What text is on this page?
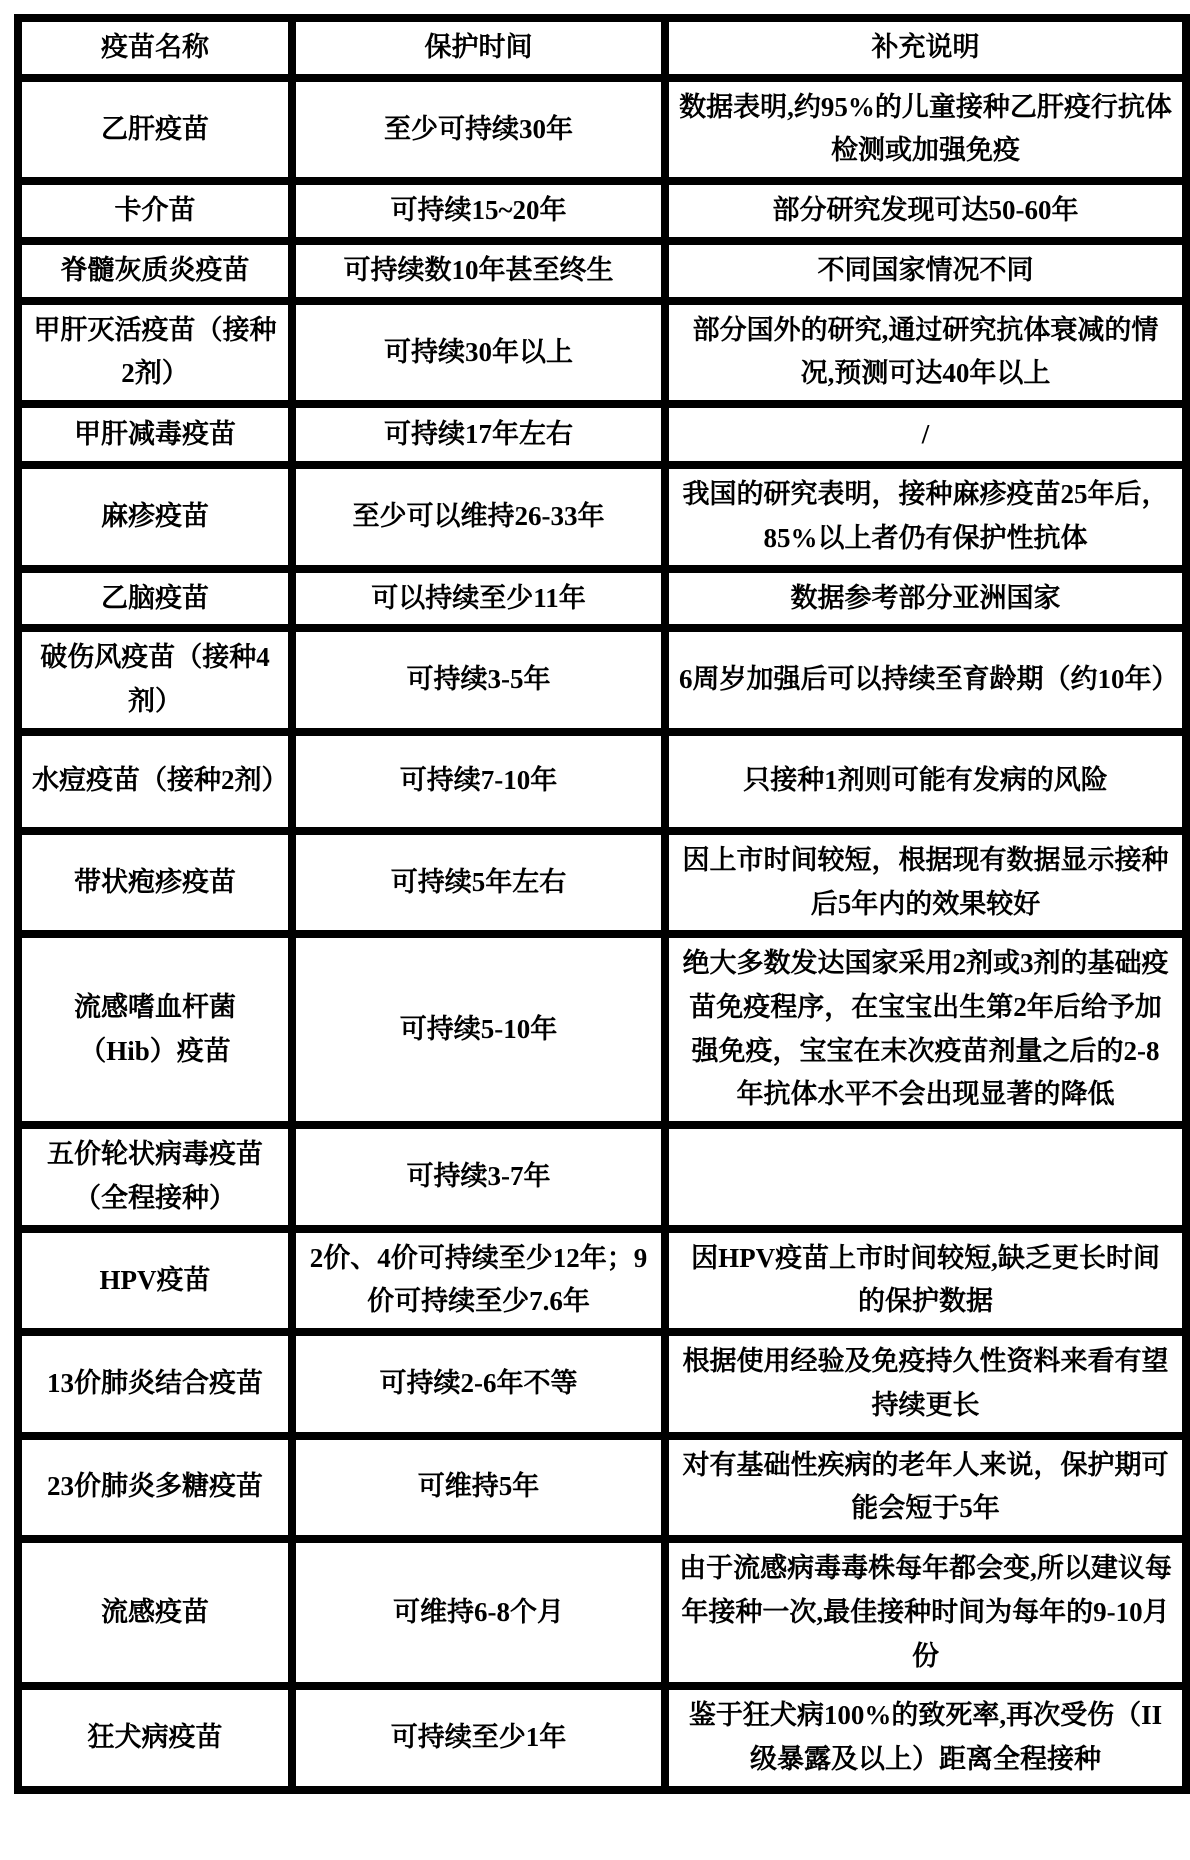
疫苗名称	保护时间	补充说明
乙肝疫苗	至少可持续30年	数据表明,约95%的儿童接种乙肝疫行抗体检测或加强免疫
卡介苗	可持续15~20年	部分研究发现可达50-60年
脊髓灰质炎疫苗	可持续数10年甚至终生	不同国家情况不同
甲肝灭活疫苗（接种2剂）	可持续30年以上	部分国外的研究,通过研究抗体衰减的情况,预测可达40年以上
甲肝减毒疫苗	可持续17年左右	/
麻疹疫苗	至少可以维持26-33年	我国的研究表明，接种麻疹疫苗25年后，85%以上者仍有保护性抗体
乙脑疫苗	可以持续至少11年	数据参考部分亚洲国家
破伤风疫苗（接种4剂）	可持续3-5年	6周岁加强后可以持续至育龄期（约10年）
水痘疫苗（接种2剂）	可持续7-10年	只接种1剂则可能有发病的风险
带状疱疹疫苗	可持续5年左右	因上市时间较短，根据现有数据显示接种后5年内的效果较好
流感嗜血杆菌（Hib）疫苗	可持续5-10年	绝大多数发达国家采用2剂或3剂的基础疫苗免疫程序，在宝宝出生第2年后给予加强免疫，宝宝在末次疫苗剂量之后的2-8年抗体水平不会出现显著的降低
五价轮状病毒疫苗（全程接种）	可持续3-7年	
HPV疫苗	2价、4价可持续至少12年；9价可持续至少7.6年	因HPV疫苗上市时间较短,缺乏更长时间的保护数据
13价肺炎结合疫苗	可持续2-6年不等	根据使用经验及免疫持久性资料来看有望持续更长
23价肺炎多糖疫苗	可维持5年	对有基础性疾病的老年人来说，保护期可能会短于5年
流感疫苗	可维持6-8个月	由于流感病毒毒株每年都会变,所以建议每年接种一次,最佳接种时间为每年的9-10月份
狂犬病疫苗	可持续至少1年	鉴于狂犬病100%的致死率,再次受伤（II级暴露及以上）距离全程接种
